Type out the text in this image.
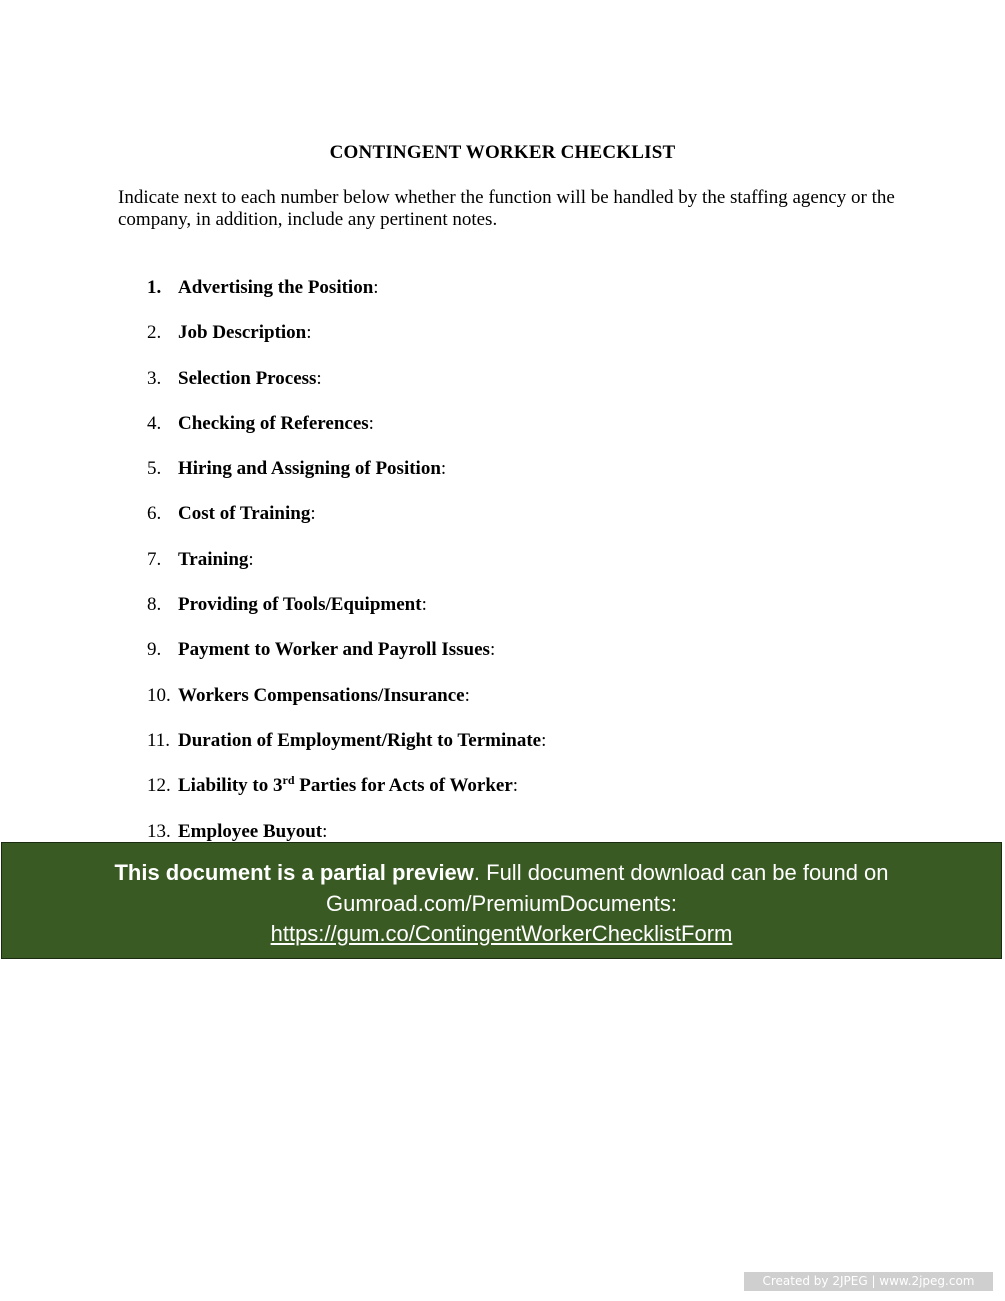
CONTINGENT WORKER CHECKLIST
Indicate next to each number below whether the function will be handled by the staffing agency or the company, in addition, include any pertinent notes.
1. Advertising the Position:
2. Job Description:
3. Selection Process:
4. Checking of References:
5. Hiring and Assigning of Position:
6. Cost of Training:
7. Training:
8. Providing of Tools/Equipment:
9. Payment to Worker and Payroll Issues:
10. Workers Compensations/Insurance:
11. Duration of Employment/Right to Terminate:
12. Liability to 3rd Parties for Acts of Worker:
13. Employee Buyout:
This document is a partial preview. Full document download can be found on
Gumroad.com/PremiumDocuments:
https://gum.co/ContingentWorkerChecklistForm
Created by 2JPEG | www.2jpeg.com
